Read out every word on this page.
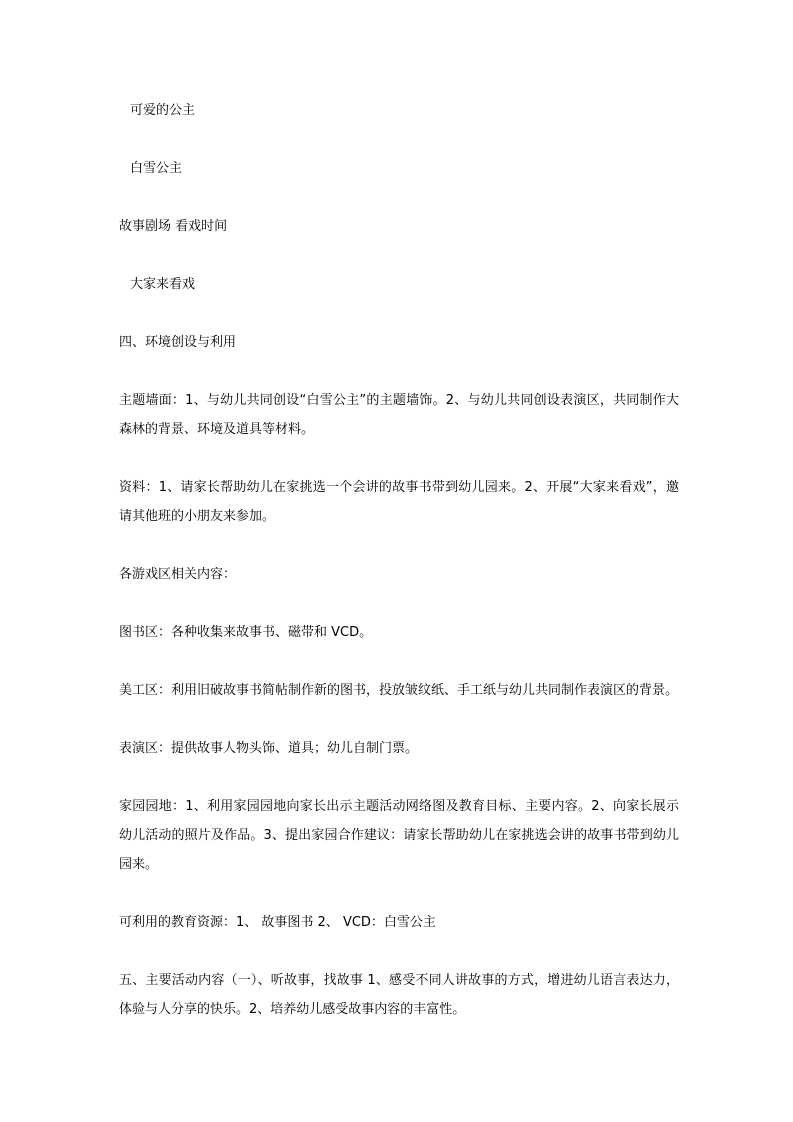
可爱的公主
白雪公主
故事剧场 看戏时间
大家来看戏
四、环境创设与利用
主题墙面：1、与幼儿共同创设“白雪公主”的主题墙饰。2、与幼儿共同创设表演区，共同制作大森林的背景、环境及道具等材料。
资料：1、请家长帮助幼儿在家挑选一个会讲的故事书带到幼儿园来。2、开展“大家来看戏”，邀请其他班的小朋友来参加。
各游戏区相关内容：
图书区：各种收集来故事书、磁带和 VCD。
美工区：利用旧破故事书简帖制作新的图书，投放皱纹纸、手工纸与幼儿共同制作表演区的背景。
表演区：提供故事人物头饰、道具；幼儿自制门票。
家园园地：1、利用家园园地向家长出示主题活动网络图及教育目标、主要内容。2、向家长展示幼儿活动的照片及作品。3、提出家园合作建议：请家长帮助幼儿在家挑选会讲的故事书带到幼儿园来。
可利用的教育资源：1、 故事图书 2、 VCD：白雪公主
五、主要活动内容（一）、听故事，找故事 1、感受不同人讲故事的方式，增进幼儿语言表达力，体验与人分享的快乐。2、培养幼儿感受故事内容的丰富性。
